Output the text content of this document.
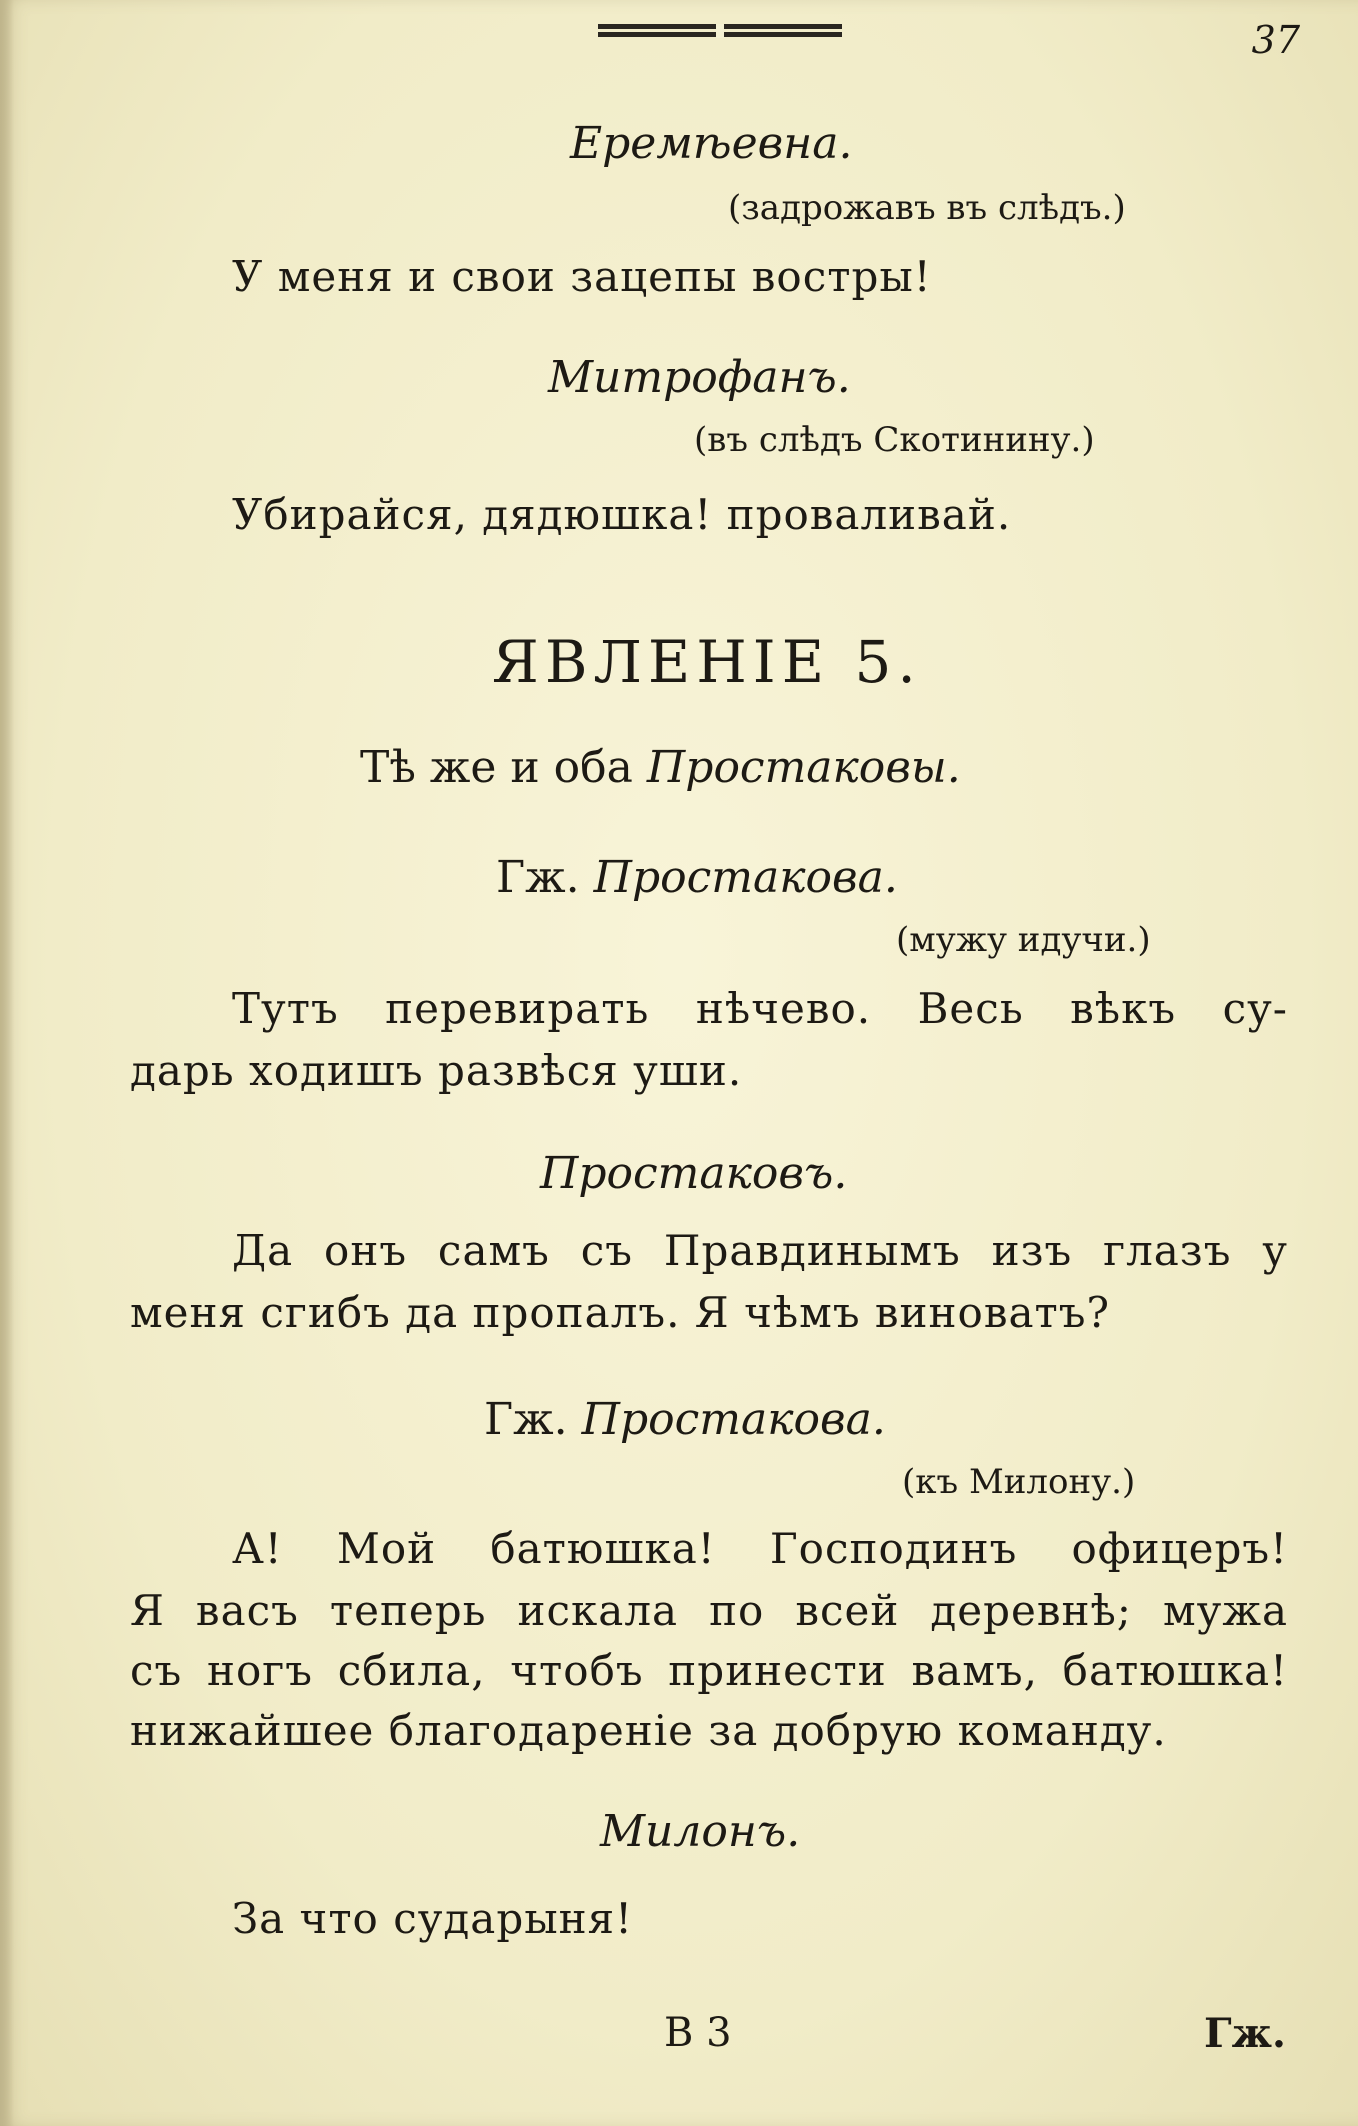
37
Еремѣевна.
(задрожавъ въ слѣдъ.)
У меня и свои зацепы востры!
Митрофанъ.
(въ слѣдъ Скотинину.)
Убирайся, дядюшка! проваливай.
ЯВЛЕНІЕ 5.
Тѣ же и оба Простаковы.
Гж. Простакова.
(мужу идучи.)
Тутъ перевирать нѣчево. Весь вѣкъ су-
дарь ходишъ развѣся уши.
Простаковъ.
Да онъ самъ съ Правдинымъ изъ глазъ у
меня сгибъ да пропалъ. Я чѣмъ виноватъ?
Гж. Простакова.
(къ Милону.)
А! Мой батюшка! Господинъ офицеръ!
Я васъ теперь искала по всей деревнѣ; мужа
съ ногъ сбила, чтобъ принести вамъ, батюшка!
нижайшее благодареніе за добрую команду.
Милонъ.
За что сударыня!
В 3	Гж.
